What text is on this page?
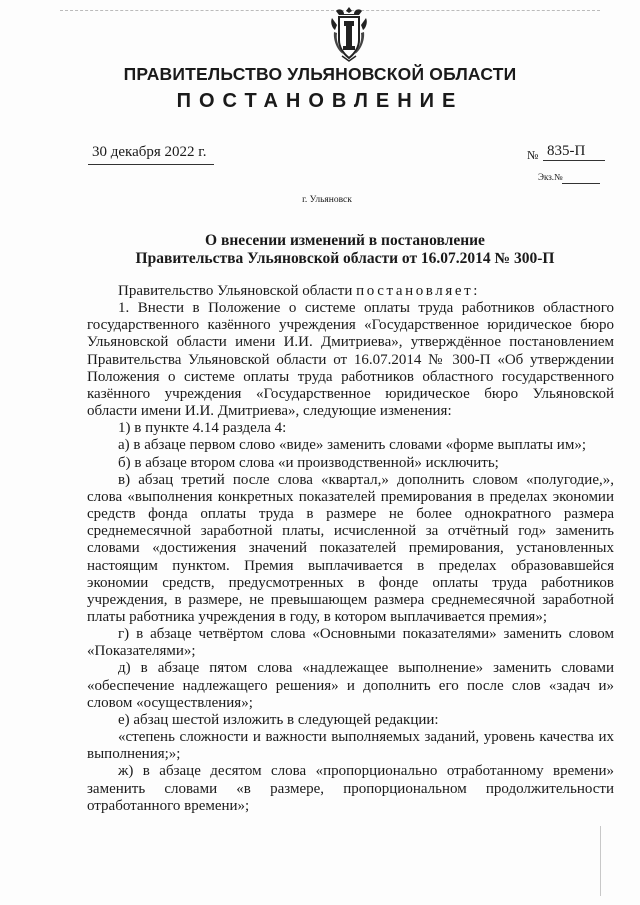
ПРАВИТЕЛЬСТВО УЛЬЯНОВСКОЙ ОБЛАСТИ
ПОСТАНОВЛЕНИЕ
30 декабря 2022 г.	№ 835-П
Экз.№
г. Ульяновск
О внесении изменений в постановление
Правительства Ульяновской области от 16.07.2014 № 300-П

Правительство Ульяновской области постановляет:

1. Внести в Положение о системе оплаты труда работников областного государственного казённого учреждения «Государственное юридическое бюро Ульяновской области имени И.И. Дмитриева», утверждённое постановлением Правительства Ульяновской области от 16.07.2014 № 300-П «Об утверждении Положения о системе оплаты труда работников областного государственного казённого учреждения «Государственное юридическое бюро Ульяновской области имени И.И. Дмитриева», следующие изменения:

1) в пункте 4.14 раздела 4:

а) в абзаце первом слово «виде» заменить словами «форме выплаты им»;

б) в абзаце втором слова «и производственной» исключить;

в) абзац третий после слова «квартал,» дополнить словом «полугодие,», слова «выполнения конкретных показателей премирования в пределах экономии средств фонда оплаты труда в размере не более однократного размера среднемесячной заработной платы, исчисленной за отчётный год» заменить словами «достижения значений показателей премирования, установленных настоящим пунктом. Премия выплачивается в пределах образовавшейся экономии средств, предусмотренных в фонде оплаты труда работников учреждения, в размере, не превышающем размера среднемесячной заработной платы работника учреждения в году, в котором выплачивается премия»;

г) в абзаце четвёртом слова «Основными показателями» заменить словом «Показателями»;

д) в абзаце пятом слова «надлежащее выполнение» заменить словами «обеспечение надлежащего решения» и дополнить его после слов «задач и» словом «осуществления»;

е) абзац шестой изложить в следующей редакции:

«степень сложности и важности выполняемых заданий, уровень качества их выполнения;»;

ж) в абзаце десятом слова «пропорционально отработанному времени» заменить словами «в размере, пропорциональном продолжительности отработанного времени»;
